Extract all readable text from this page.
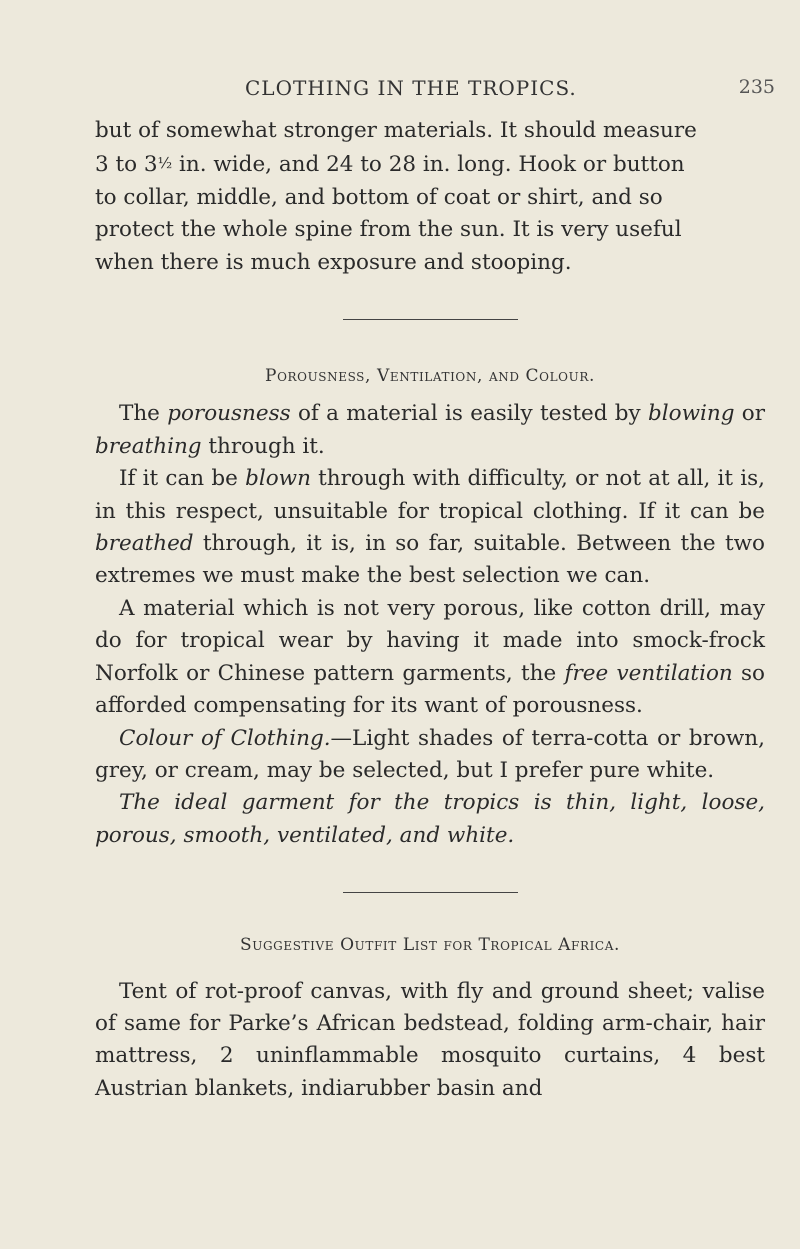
CLOTHING IN THE TROPICS.	235

but of somewhat stronger materials. It should measure

3 to 3½ in. wide, and 24 to 28 in. long. Hook or button

to collar, middle, and bottom of coat or shirt, and so

protect the whole spine from the sun. It is very useful

when there is much exposure and stooping.

Porousness, Ventilation, and Colour.

The porousness of a material is easily tested by blowing or breathing through it.

If it can be blown through with difficulty, or not at all, it is, in this respect, unsuitable for tropical clothing. If it can be breathed through, it is, in so far, suitable. Between the two extremes we must make the best selection we can.

A material which is not very porous, like cotton drill, may do for tropical wear by having it made into smock-frock Norfolk or Chinese pattern garments, the free ventilation so afforded compensating for its want of porousness.

Colour of Clothing.—Light shades of terra-cotta or brown, grey, or cream, may be selected, but I prefer pure white.

The ideal garment for the tropics is thin, light, loose, porous, smooth, ventilated, and white.

Suggestive Outfit List for Tropical Africa.

Tent of rot-proof canvas, with fly and ground sheet; valise of same for Parke’s African bedstead, folding arm-chair, hair mattress, 2 uninflammable mosquito curtains, 4 best Austrian blankets, indiarubber basin and
